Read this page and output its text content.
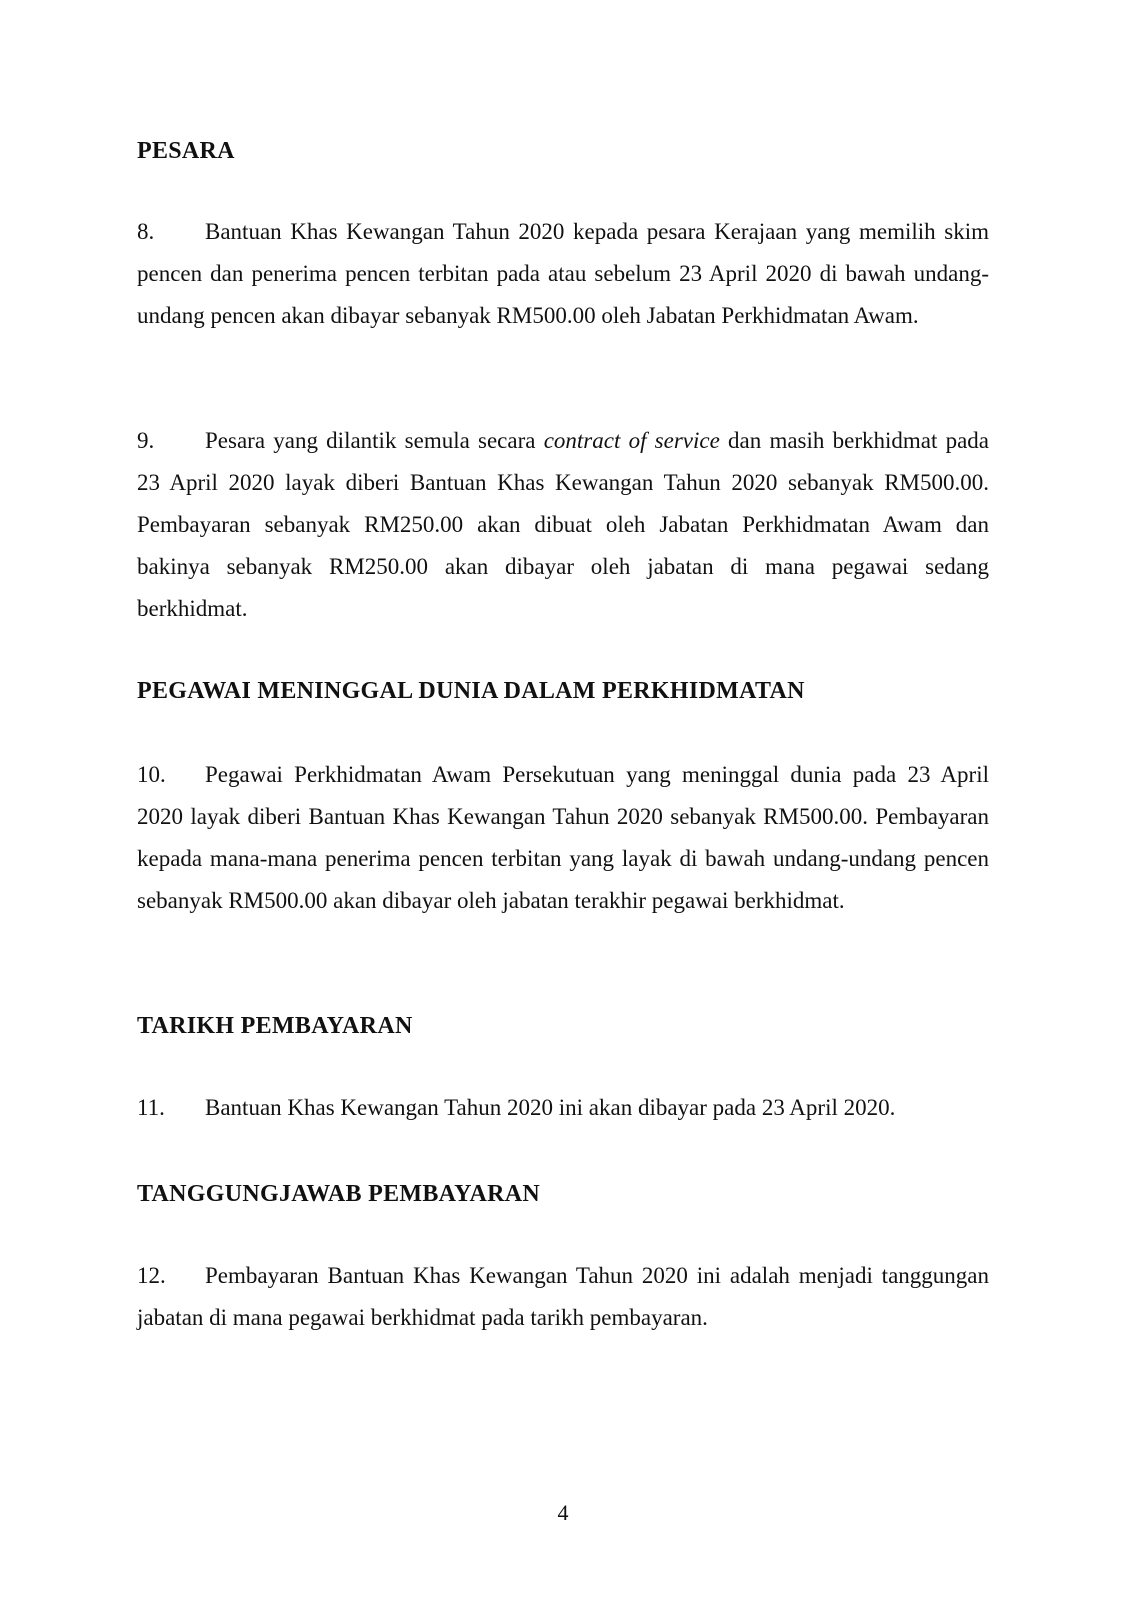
PESARA
8. Bantuan Khas Kewangan Tahun 2020 kepada pesara Kerajaan yang memilih skim pencen dan penerima pencen terbitan pada atau sebelum 23 April 2020 di bawah undang-undang pencen akan dibayar sebanyak RM500.00 oleh Jabatan Perkhidmatan Awam.
9. Pesara yang dilantik semula secara contract of service dan masih berkhidmat pada 23 April 2020 layak diberi Bantuan Khas Kewangan Tahun 2020 sebanyak RM500.00. Pembayaran sebanyak RM250.00 akan dibuat oleh Jabatan Perkhidmatan Awam dan bakinya sebanyak RM250.00 akan dibayar oleh jabatan di mana pegawai sedang berkhidmat.
PEGAWAI MENINGGAL DUNIA DALAM PERKHIDMATAN
10. Pegawai Perkhidmatan Awam Persekutuan yang meninggal dunia pada 23 April 2020 layak diberi Bantuan Khas Kewangan Tahun 2020 sebanyak RM500.00. Pembayaran kepada mana-mana penerima pencen terbitan yang layak di bawah undang-undang pencen sebanyak RM500.00 akan dibayar oleh jabatan terakhir pegawai berkhidmat.
TARIKH PEMBAYARAN
11. Bantuan Khas Kewangan Tahun 2020 ini akan dibayar pada 23 April 2020.
TANGGUNGJAWAB PEMBAYARAN
12. Pembayaran Bantuan Khas Kewangan Tahun 2020 ini adalah menjadi tanggungan jabatan di mana pegawai berkhidmat pada tarikh pembayaran.
4
